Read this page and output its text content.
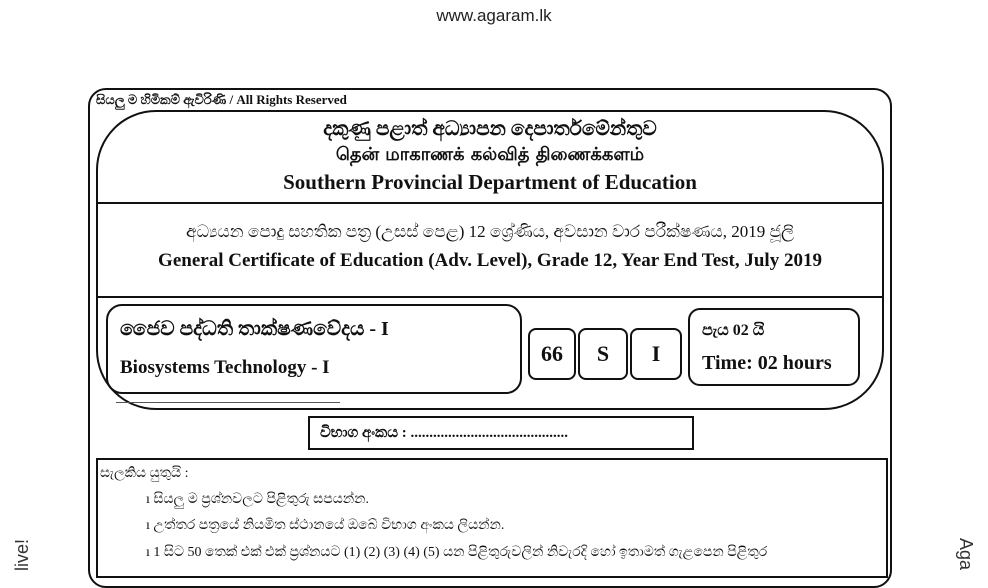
www.agaram.lk
live!	Aga
සියලු ම හිමිකම් ඇවිරිණි / All Rights Reserved
දකුණු පළාත් අධ්‍යාපන දෙපාර්තමේන්තුව
தென் மாகாணக் கல்வித் திணைக்களம்
Southern Provincial Department of Education
අධ්‍යයන පොදු සහතික පත්‍ර (උසස් පෙළ) 12 ශ්‍රේණිය, අවසාන වාර පරීක්ෂණය, 2019 ජූලි
General Certificate of Education (Adv. Level), Grade 12, Year End Test, July 2019
ජෛව පද්ධති තාක්ෂණවේදය - I
Biosystems Technology - I
66	S	I
පැය 02 යි
Time: 02 hours
විභාග අංකය : ..........................................
සැලකිය යුතුයි :
ı සියලු ම ප්‍රශ්නවලට පිළිතුරු සපයන්න.
ı උත්තර පත්‍රයේ නියමිත ස්ථානයේ ඔබේ විභාග අංකය ලියන්න.
ı 1 සිට 50 තෙක් එක් එක් ප්‍රශ්නයට (1) (2) (3) (4) (5) යන පිළිතුරුවලින් නිවැරදි හෝ ඉතාමත් ගැළපෙන පිළිතුර
